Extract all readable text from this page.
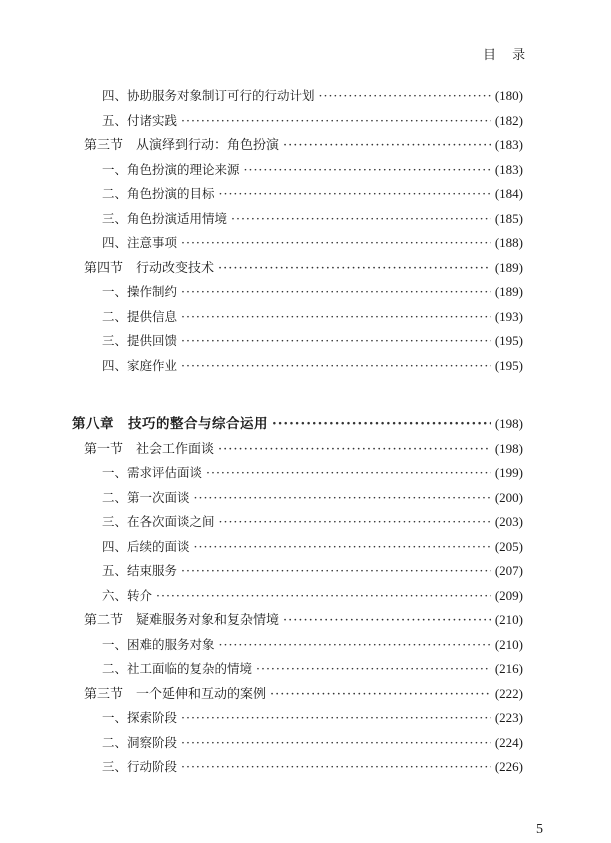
目 录
四、协助服务对象制订可行的行动计划 ·····	(180)
五、付诸实践 ·····	(182)
第三节　从演绎到行动：角色扮演 ·····	(183)
一、角色扮演的理论来源 ·····	(183)
二、角色扮演的目标 ·····	(184)
三、角色扮演适用情境 ·····	(185)
四、注意事项 ·····	(188)
第四节　行动改变技术 ·····	(189)
一、操作制约 ·····	(189)
二、提供信息 ·····	(193)
三、提供回馈 ·····	(195)
四、家庭作业 ·····	(195)
第八章　技巧的整合与综合运用 ·····	(198)
第一节　社会工作面谈 ·····	(198)
一、需求评估面谈 ·····	(199)
二、第一次面谈 ·····	(200)
三、在各次面谈之间 ·····	(203)
四、后续的面谈 ·····	(205)
五、结束服务 ·····	(207)
六、转介 ·····	(209)
第二节　疑难服务对象和复杂情境 ·····	(210)
一、困难的服务对象 ·····	(210)
二、社工面临的复杂的情境 ·····	(216)
第三节　一个延伸和互动的案例 ·····	(222)
一、探索阶段 ·····	(223)
二、洞察阶段 ·····	(224)
三、行动阶段 ·····	(226)
5
